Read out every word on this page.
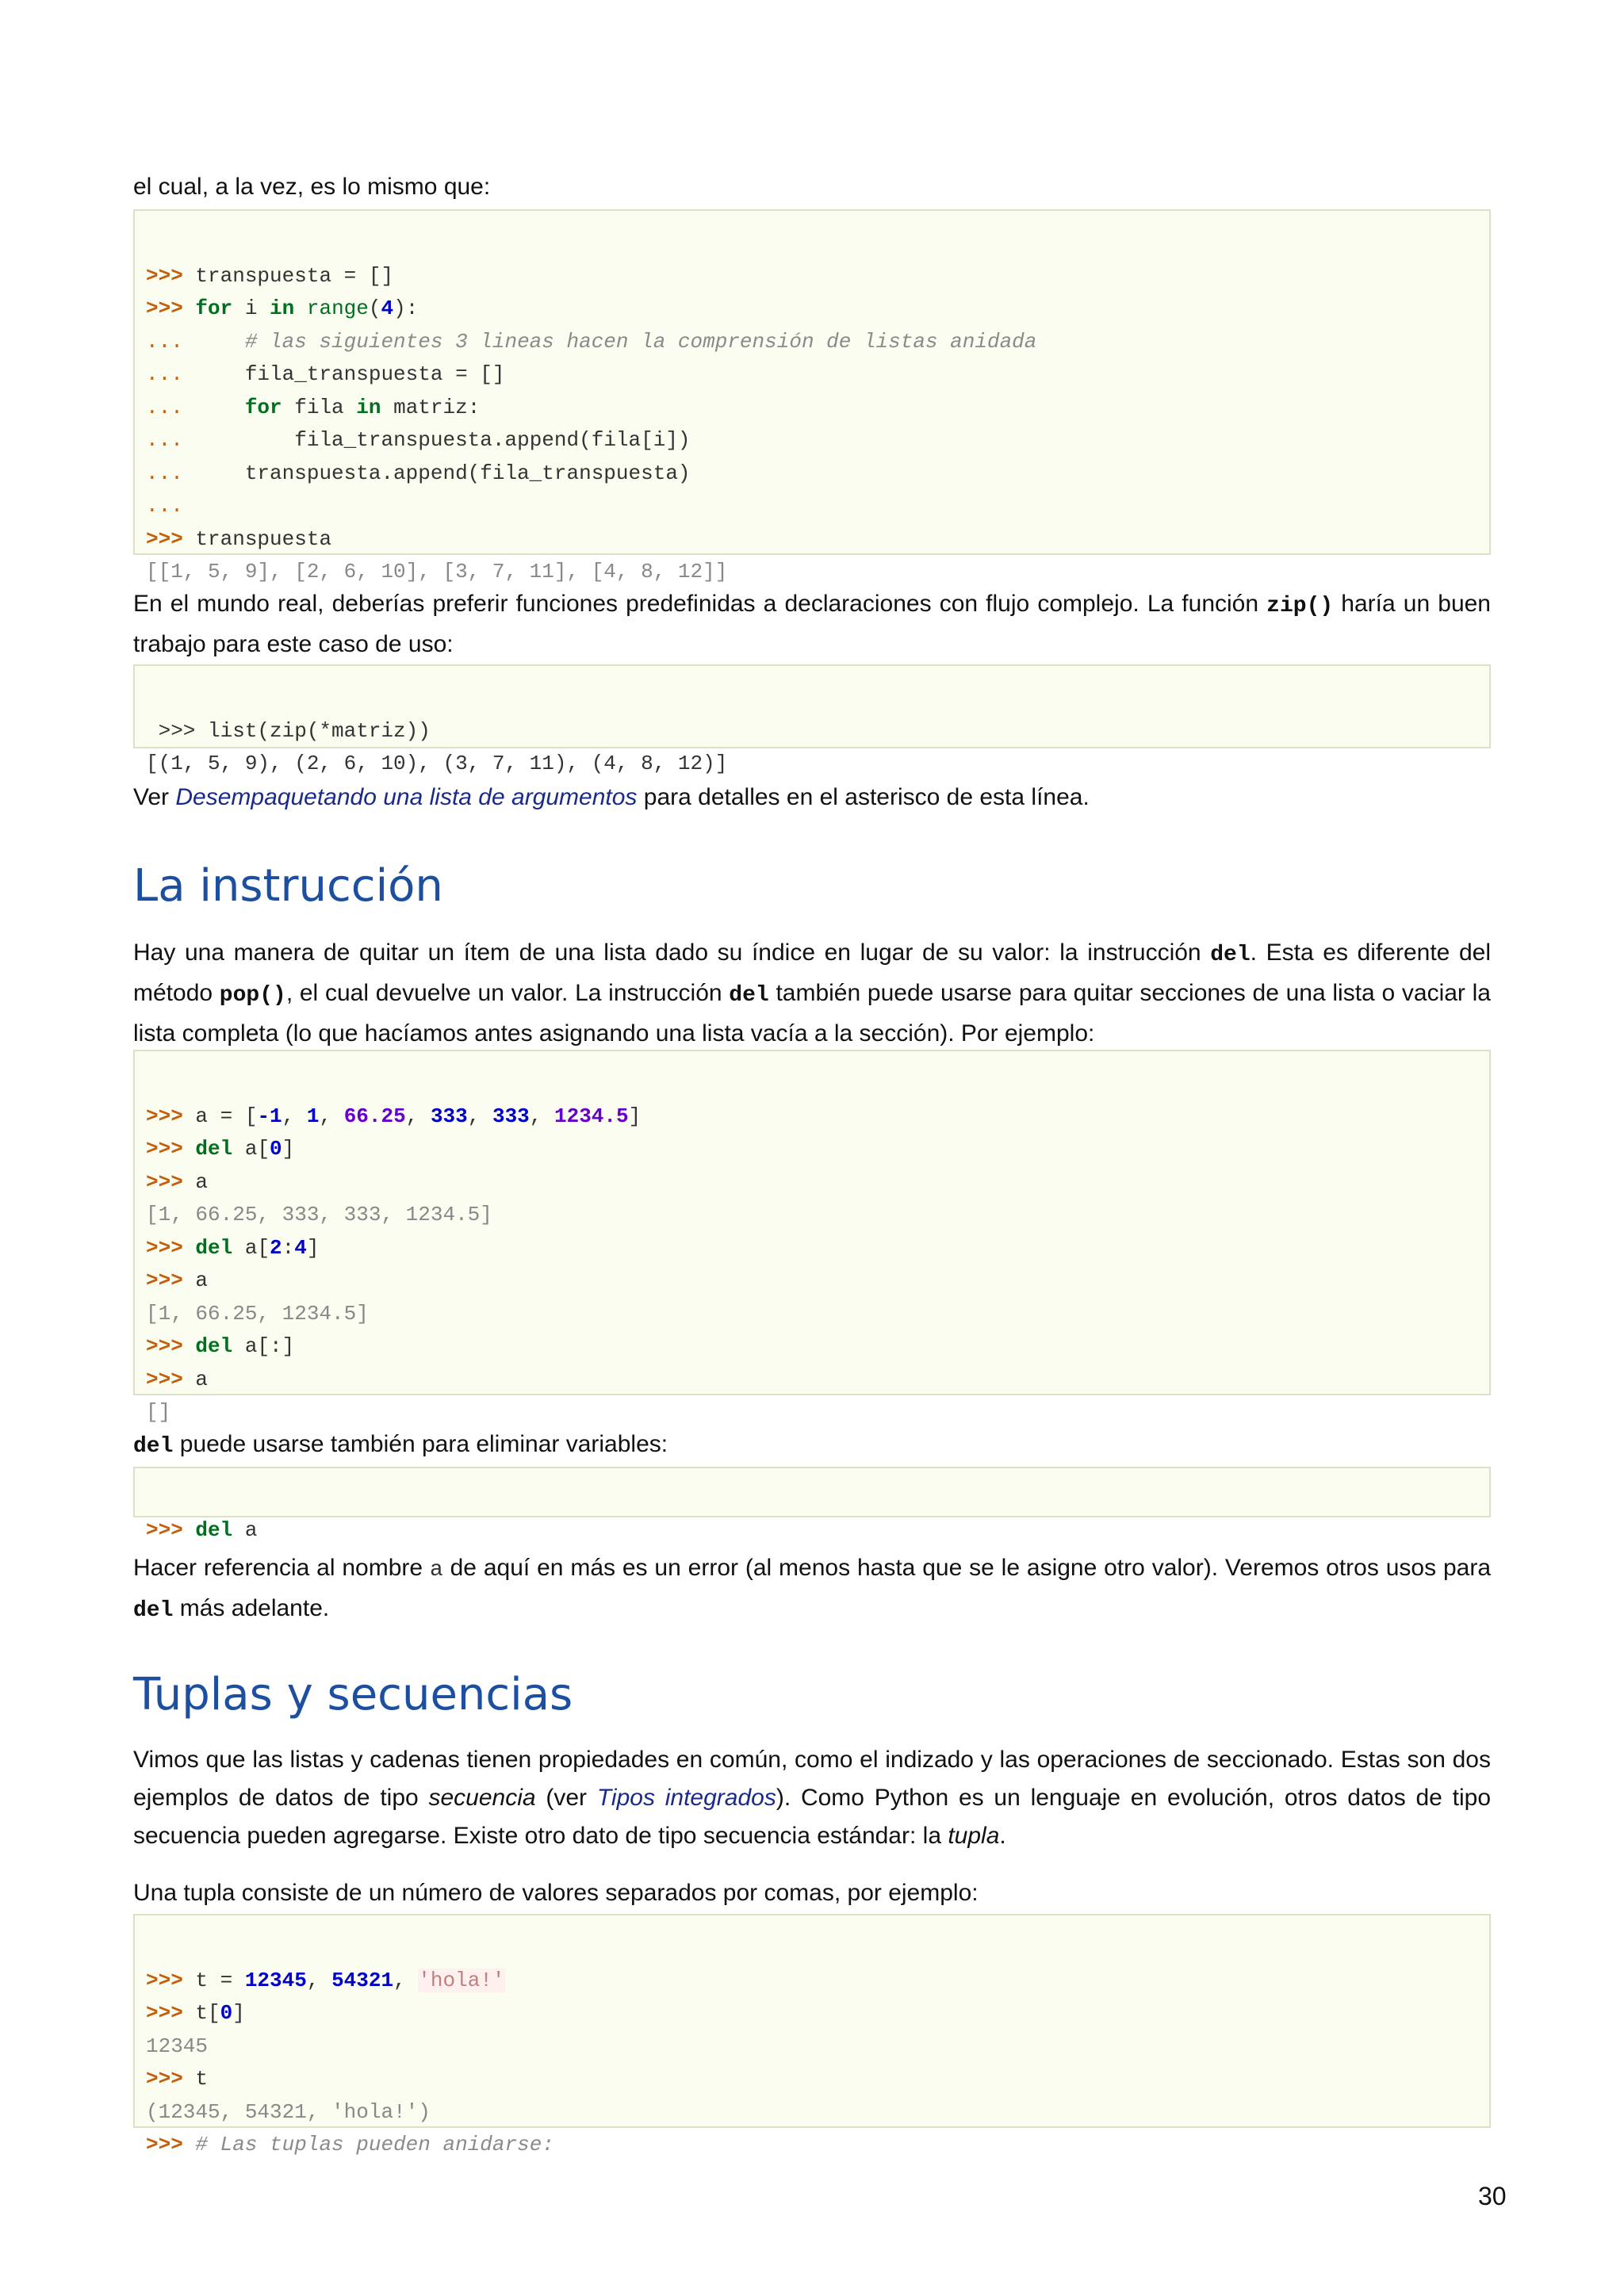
el cual, a la vez, es lo mismo que:

>>> transpuesta = []
>>> for i in range(4):
...	# las siguientes 3 lineas hacen la comprensión de listas anidada
...	fila_transpuesta = []
...	for fila in matriz:
...	fila_transpuesta.append(fila[i])
...	transpuesta.append(fila_transpuesta)
...
>>> transpuesta
[[1, 5, 9], [2, 6, 10], [3, 7, 11], [4, 8, 12]]

En el mundo real, deberías preferir funciones predefinidas a declaraciones con flujo complejo. La función zip() haría un buen trabajo para este caso de uso:

>>> list(zip(*matriz))
[(1, 5, 9), (2, 6, 10), (3, 7, 11), (4, 8, 12)]

Ver Desempaquetando una lista de argumentos para detalles en el asterisco de esta línea.

La instrucción

Hay una manera de quitar un ítem de una lista dado su índice en lugar de su valor: la instrucción del. Esta es diferente del método pop(), el cual devuelve un valor. La instrucción del también puede usarse para quitar secciones de una lista o vaciar la lista completa (lo que hacíamos antes asignando una lista vacía a la sección). Por ejemplo:

>>> a = [-1, 1, 66.25, 333, 333, 1234.5]
>>> del a[0]
>>> a
[1, 66.25, 333, 333, 1234.5]
>>> del a[2:4]
>>> a
[1, 66.25, 1234.5]
>>> del a[:]
>>> a
[]

del puede usarse también para eliminar variables:

>>> del a

Hacer referencia al nombre a de aquí en más es un error (al menos hasta que se le asigne otro valor). Veremos otros usos para del más adelante.

Tuplas y secuencias

Vimos que las listas y cadenas tienen propiedades en común, como el indizado y las operaciones de seccionado. Estas son dos ejemplos de datos de tipo secuencia (ver Tipos integrados). Como Python es un lenguaje en evolución, otros datos de tipo secuencia pueden agregarse. Existe otro dato de tipo secuencia estándar: la tupla.

Una tupla consiste de un número de valores separados por comas, por ejemplo:

>>> t = 12345, 54321, 'hola!'
>>> t[0]
12345
>>> t
(12345, 54321, 'hola!')
>>> # Las tuplas pueden anidarse:
30
